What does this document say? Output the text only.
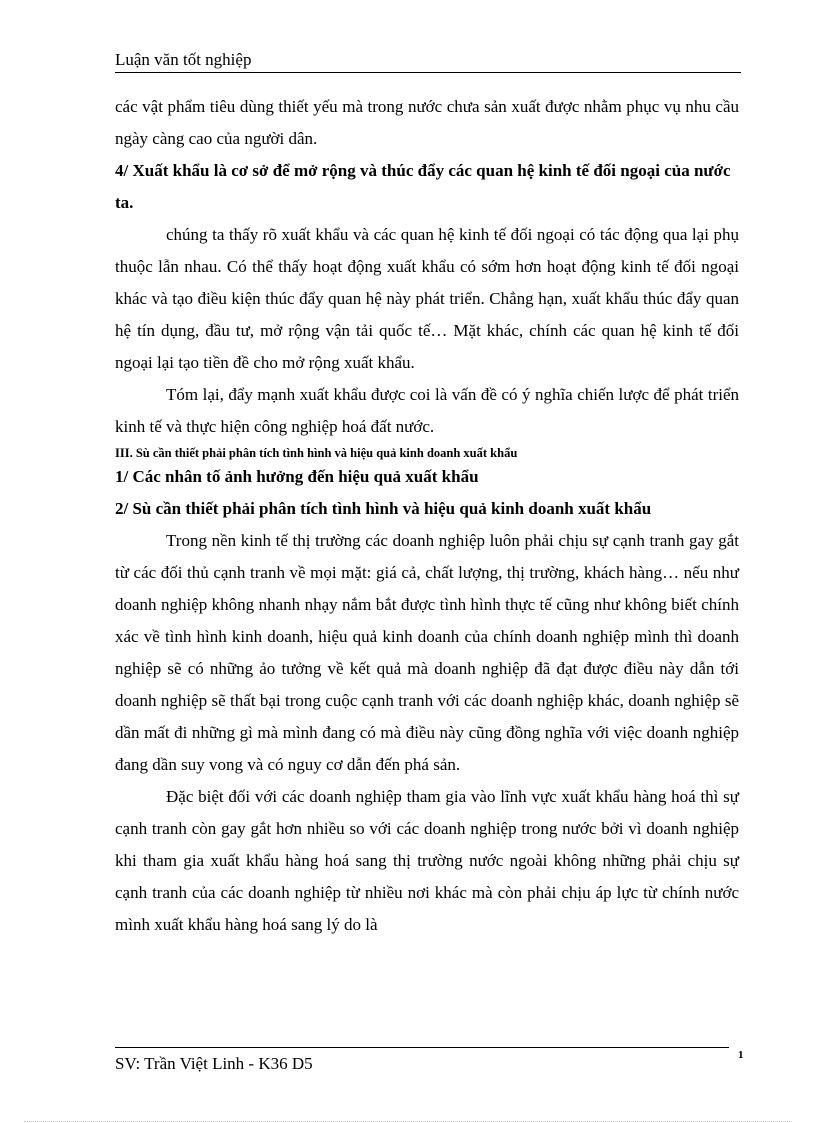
Luận văn tốt nghiệp

các vật phẩm tiêu dùng thiết yếu mà trong nước chưa sản xuất được nhằm phục vụ nhu cầu ngày càng cao của người dân.

4/ Xuất khẩu là cơ sở để mở rộng và thúc đẩy các quan hệ kinh tế đối ngoại của nước ta.

chúng ta thấy rõ xuất khẩu và các quan hệ kinh tế đối ngoại có tác động qua lại phụ thuộc lẫn nhau. Có thể thấy hoạt động xuất khẩu có sớm hơn hoạt động kinh tế đối ngoại khác và tạo điều kiện thúc đẩy quan hệ này phát triển. Chẳng hạn, xuất khẩu thúc đẩy quan hệ tín dụng, đầu tư, mở rộng vận tải quốc tế… Mặt khác, chính các quan hệ kinh tế đối ngoại lại tạo tiền đề cho mở rộng xuất khẩu.

Tóm lại, đẩy mạnh xuất khẩu được coi là vấn đề có ý nghĩa chiến lược để phát triển kinh tế và thực hiện công nghiệp hoá đất nước.

III. Sù cần thiết phải phân tích tình hình và hiệu quả kinh doanh xuất khẩu

1/ Các nhân tố ảnh hưởng đến hiệu quả xuất khẩu

2/ Sù cần thiết phải phân tích tình hình và hiệu quả kinh doanh xuất khẩu

Trong nền kinh tế thị trường các doanh nghiệp luôn phải chịu sự cạnh tranh gay gắt từ các đối thủ cạnh tranh về mọi mặt: giá cả, chất lượng, thị trường, khách hàng… nếu như doanh nghiệp không nhanh nhạy nắm bắt được tình hình thực tế cũng như không biết chính xác về tình hình kinh doanh, hiệu quả kinh doanh của chính doanh nghiệp mình thì doanh nghiệp sẽ có những ảo tưởng về kết quả mà doanh nghiệp đã đạt được điều này dẫn tới doanh nghiệp sẽ thất bại trong cuộc cạnh tranh với các doanh nghiệp khác, doanh nghiệp sẽ dần mất đi những gì mà mình đang có mà điều này cũng đồng nghĩa với việc doanh nghiệp đang dần suy vong và có nguy cơ dẫn đến phá sản.

Đặc biệt đối với các doanh nghiệp tham gia vào lĩnh vực xuất khẩu hàng hoá thì sự cạnh tranh còn gay gắt hơn nhiều so với các doanh nghiệp trong nước bởi vì doanh nghiệp khi tham gia xuất khẩu hàng hoá sang thị trường nước ngoài không những phải chịu sự cạnh tranh của các doanh nghiệp từ nhiều nơi khác mà còn phải chịu áp lực từ chính nước mình xuất khẩu hàng hoá sang lý do là

SV: Trần Việt Linh - K36 D5	1
